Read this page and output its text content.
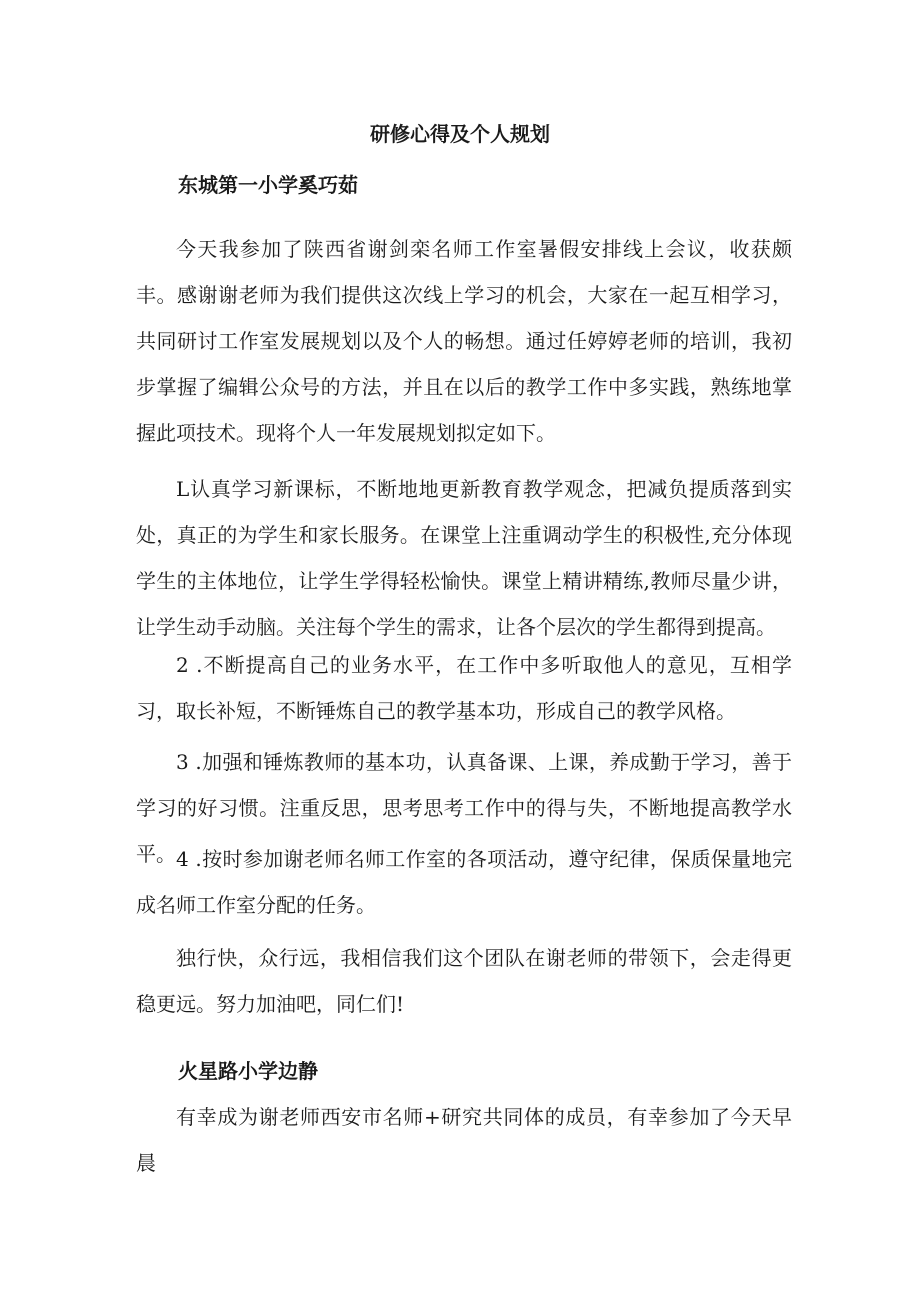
研修心得及个人规划
东城第一小学奚巧茹

今天我参加了陕西省谢剑栾名师工作室暑假安排线上会议，收获颇丰。感谢谢老师为我们提供这次线上学习的机会，大家在一起互相学习，共同研讨工作室发展规划以及个人的畅想。通过任婷婷老师的培训，我初步掌握了编辑公众号的方法，并且在以后的教学工作中多实践，熟练地掌握此项技术。现将个人一年发展规划拟定如下。

L认真学习新课标，不断地地更新教育教学观念，把减负提质落到实处，真正的为学生和家长服务。在课堂上注重调动学生的积极性,充分体现学生的主体地位，让学生学得轻松愉快。课堂上精讲精练,教师尽量少讲，让学生动手动脑。关注每个学生的需求，让各个层次的学生都得到提高。

2 .不断提高自己的业务水平，在工作中多听取他人的意见，互相学习，取长补短，不断锤炼自己的教学基本功，形成自己的教学风格。

3 .加强和锤炼教师的基本功，认真备课、上课，养成勤于学习，善于学习的好习惯。注重反思，思考思考工作中的得与失，不断地提高教学水平。 4 .按时参加谢老师名师工作室的各项活动，遵守纪律，保质保量地完成名师工作室分配的任务。

独行快，众行远，我相信我们这个团队在谢老师的带领下，会走得更稳更远。努力加油吧，同仁们!

火星路小学边静

有幸成为谢老师西安市名师+研究共同体的成员，有幸参加了今天早晨
